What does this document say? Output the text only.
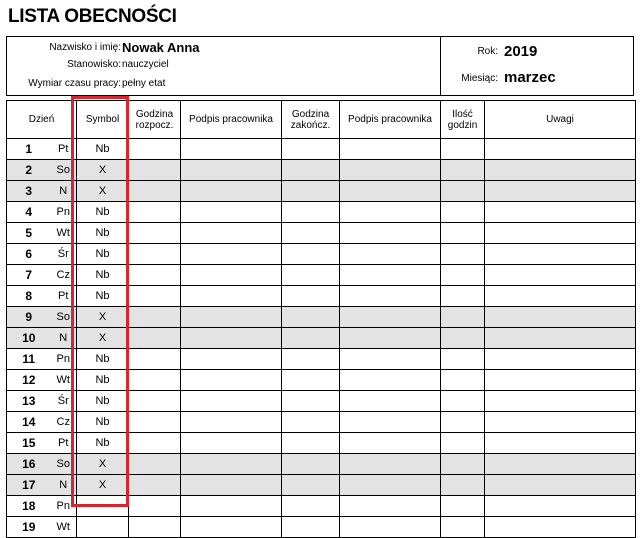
LISTA OBECNOŚCI
Nazwisko i imię: Nowak Anna
Stanowisko: nauczyciel
Wymiar czasu pracy: pełny etat
Rok: 2019
Miesiąc: marzec
Dzień		Symbol	Godzina rozpocz.	Podpis pracownika	Godzina zakończ.	Podpis pracownika	Ilość godzin	Uwagi
1	Pt	Nb						
2	So	X						
3	N	X						
4	Pn	Nb						
5	Wt	Nb						
6	Śr	Nb						
7	Cz	Nb						
8	Pt	Nb						
9	So	X						
10	N	X						
11	Pn	Nb						
12	Wt	Nb						
13	Śr	Nb						
14	Cz	Nb						
15	Pt	Nb						
16	So	X						
17	N	X						
18	Pn							
19	Wt							
